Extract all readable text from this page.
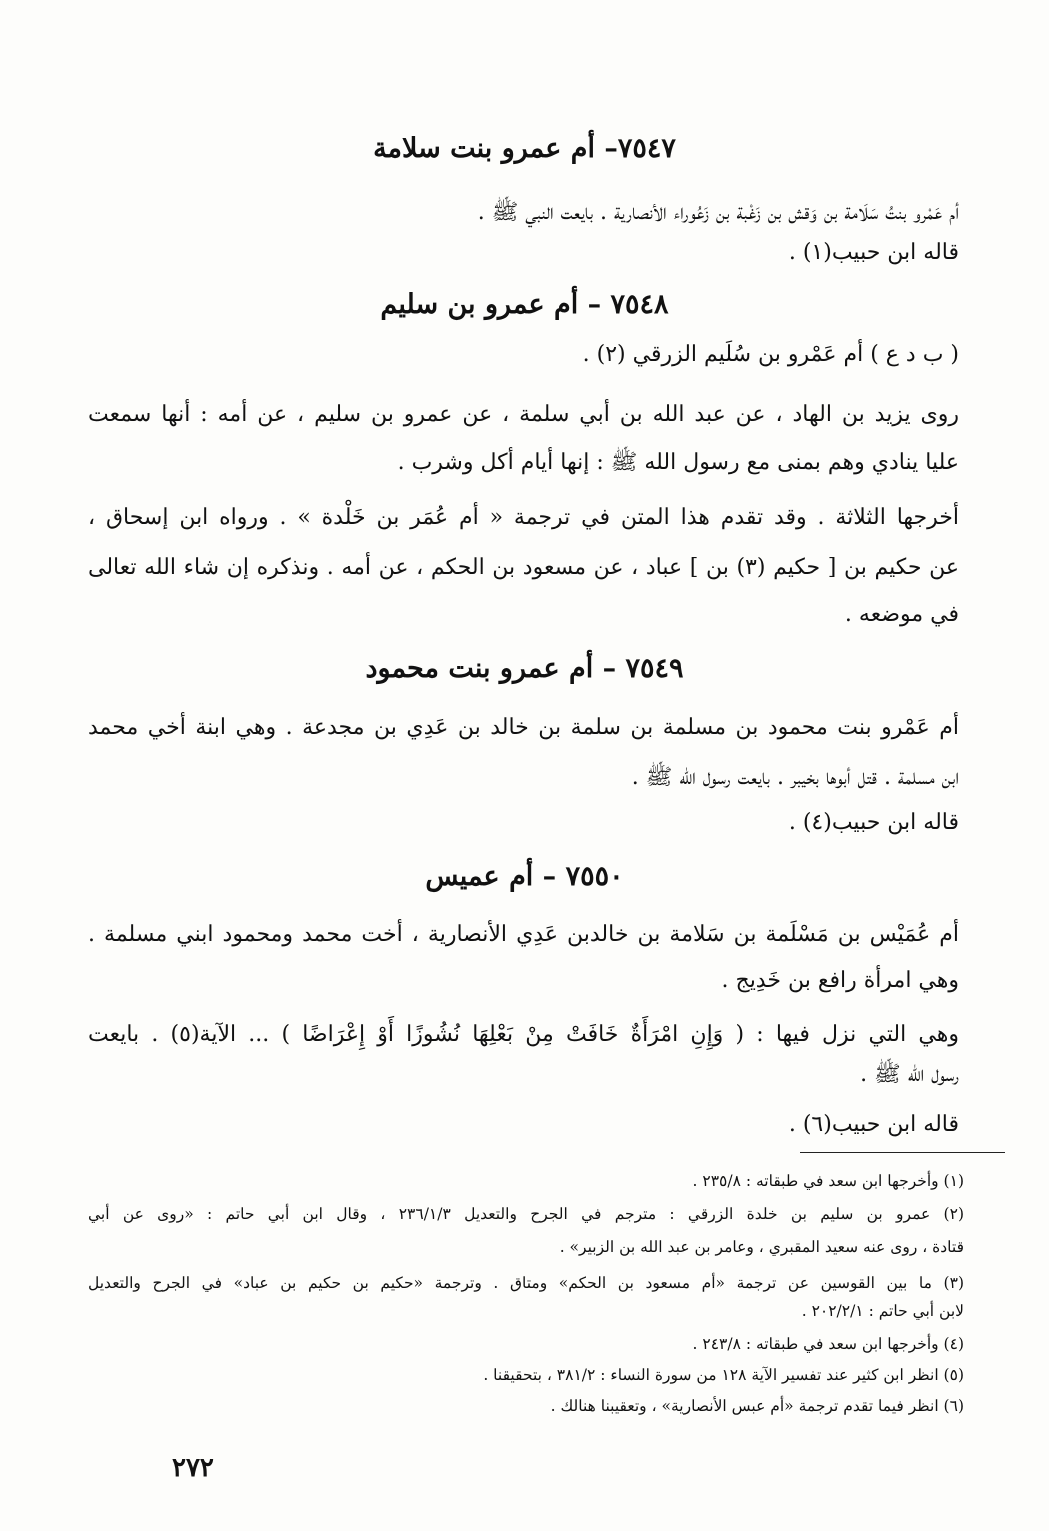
٧٥٤٧– أم عمرو بنت سلامة
أم عَمْرو بنتُ سَلَامة بن وَقش بن زَغْبة بن زَعُوراء الأنصارية . بايعت النبي ﷺ .
قاله ابن حبيب(١) .
٧٥٤٨ – أم عمرو بن سليم
( ب د ع ) أم عَمْرو بن سُلَيم الزرقي (٢) .
روى يزيد بن الهاد ، عن عبد الله بن أبي سلمة ، عن عمرو بن سليم ، عن أمه : أنها سمعت
عليا ينادي وهم بمنى مع رسول الله ﷺ : إنها أيام أكل وشرب .
أخرجها الثلاثة . وقد تقدم هذا المتن في ترجمة « أم عُمَر بن خَلْدة » . ورواه ابن إسحاق ،
عن حكيم بن [ حكيم (٣) بن ] عباد ، عن مسعود بن الحكم ، عن أمه . ونذكره إن شاء الله تعالى
في موضعه .
٧٥٤٩ – أم عمرو بنت محمود
أم عَمْرو بنت محمود بن مسلمة بن سلمة بن خالد بن عَدِي بن مجدعة . وهي ابنة أخي محمد
ابن مسلمة . قتل أبوها بخيبر . بايعت رسول الله ﷺ .
قاله ابن حبيب(٤) .
٧٥٥٠ – أم عميس
أم عُمَيْس بن مَسْلَمة بن سَلامة بن خالدبن عَدِي الأنصارية ، أخت محمد ومحمود ابني مسلمة .
وهي امرأة رافع بن خَدِيج .
وهي التي نزل فيها : ( وَإِنِ امْرَأَةٌ خَافَتْ مِنْ بَعْلِهَا نُشُوزًا أَوْ إِعْرَاضًا ) ... الآية(٥) . بايعت
رسول الله ﷺ .
قاله ابن حبيب(٦) .
(١) وأخرجها ابن سعد في طبقاته : ٢٣٥/٨ .
(٢) عمرو بن سليم بن خلدة الزرقي : مترجم في الجرح والتعديل ٢٣٦/١/٣ ، وقال ابن أبي حاتم : «روى عن أبي
قتادة ، روى عنه سعيد المقبري ، وعامر بن عبد الله بن الزبير» .
(٣) ما بين القوسين عن ترجمة «أم مسعود بن الحكم» ومتاق . وترجمة «حكيم بن حكيم بن عباد» في الجرح والتعديل
لابن أبي حاتم : ٢٠٢/٢/١ .
(٤) وأخرجها ابن سعد في طبقاته : ٢٤٣/٨ .
(٥) انظر ابن كثير عند تفسير الآية ١٢٨ من سورة النساء : ٣٨١/٢ ، بتحقيقنا .
(٦) انظر فيما تقدم ترجمة «أم عبس الأنصارية» ، وتعقيبنا هنالك .
٢٧٢
